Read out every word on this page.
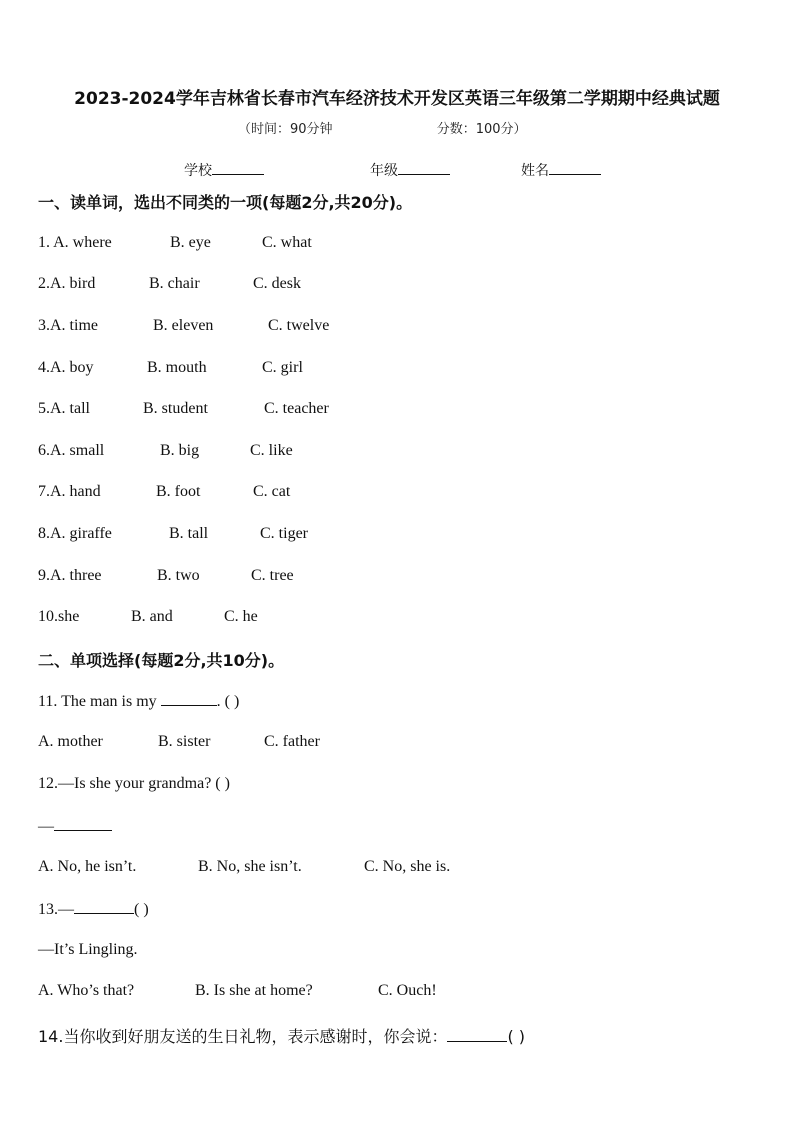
2023-2024学年吉林省长春市汽车经济技术开发区英语三年级第二学期期中经典试题
（时间：90分钟	分数：100分）
学校	年级	姓名
一、读单词，选出不同类的一项(每题2分,共20分)。
1. A. where	B. eye	C. what
2.A. bird	B. chair	C. desk
3.A. time	B. eleven	C. twelve
4.A. boy	B. mouth	C. girl
5.A. tall	B. student	C. teacher
6.A. small	B. big	C. like
7.A. hand	B. foot	C. cat
8.A. giraffe	B. tall	C. tiger
9.A. three	B. two	C. tree
10.she	B. and	C. he
二、单项选择(每题2分,共10分)。
11. The man is my	. ( )
A. mother	B. sister	C. father
12.—Is she your grandma? ( )
—
A. No, he isn’t.	B. No, she isn’t.	C. No, she is.
13.—	( )
—It’s Lingling.
A. Who’s that?	B. Is she at home?	C. Ouch!
14.当你收到好朋友送的生日礼物，表示感谢时，你会说：	( )
